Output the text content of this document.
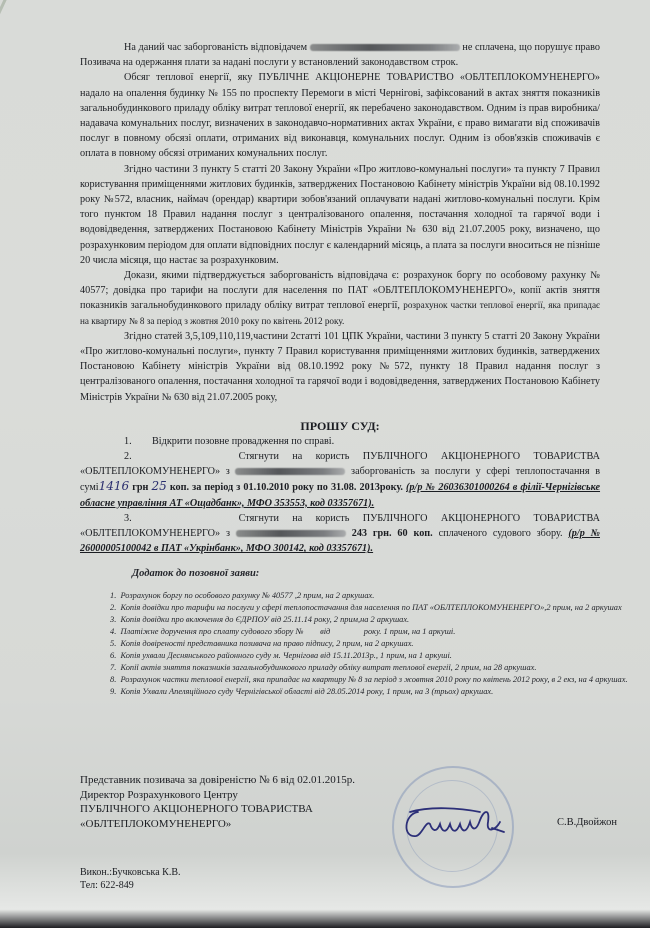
На даний час заборгованість відповідачем	не сплачена, що порушує право Позивача на одержання плати за надані послуги у встановлений законодавством строк.

Обсяг теплової енергії, яку ПУБЛІЧНЕ АКЦІОНЕРНЕ ТОВАРИСТВО «ОБЛТЕПЛОКОМУНЕНЕРГО» надало на опалення будинку № 155 по проспекту Перемоги в місті Чернігові, зафіксований в актах зняття показників загальнобудинкового приладу обліку витрат теплової енергії, як перебачено законодавством. Одним із прав виробника/надавача комунальних послуг, визначених в законодавчо-нормативних актах України, є право вимагати від споживачів послуг в повному обсязі оплати, отриманих від виконавця, комунальних послуг. Одним із обов'язків споживачів є оплата в повному обсязі отриманих комунальних послуг.

Згідно частини 3 пункту 5 статті 20 Закону України «Про житлово-комунальні послуги» та пункту 7 Правил користування приміщеннями житлових будинків, затверджених Постановою Кабінету міністрів України від 08.10.1992 року №572, власник, наймач (орендар) квартири зобов'язаний оплачувати надані житлово-комунальні послуги. Крім того пунктом 18 Правил надання послуг з централізованого опалення, постачання холодної та гарячої води і водовідведення, затверджених Постановою Кабінету Міністрів України № 630 від 21.07.2005 року, визначено, що розрахунковим періодом для оплати відповідних послуг є календарний місяць, а плата за послуги вноситься не пізніше 20 числа місяця, що настає за розрахунковим.

Докази, якими підтверджується заборгованість відповідача є: розрахунок боргу по особовому рахунку № 40577; довідка про тарифи на послуги для населення по ПАТ «ОБЛТЕПЛОКОМУНЕНЕРГО», копії актів зняття показників загальнобудинкового приладу обліку витрат теплової енергії, розрахунок частки теплової енергії, яка припадає на квартиру № 8 за період з жовтня 2010 року по квітень 2012 року.

Згідно статей 3,5,109,110,119,частини 2статті 101 ЦПК України, частини 3 пункту 5 статті 20 Закону України «Про житлово-комунальні послуги», пункту 7 Правил користування приміщеннями житлових будинків, затверджених Постановою Кабінету міністрів України від 08.10.1992 року №572, пункту 18 Правил надання послуг з централізованого опалення, постачання холодної та гарячої води і водовідведення, затверджених Постановою Кабінету Міністрів України № 630 від 21.07.2005 року,

ПРОШУ СУД:

1.        Відкрити позовне провадження по справі.

2.        Стягнути на користь ПУБЛІЧНОГО АКЦІОНЕРНОГО ТОВАРИСТВА «ОБЛТЕПЛОКОМУНЕНЕРГО» з	заборгованість за послуги у сфері теплопостачання в сумі1416 грн 25 коп. за період з 01.10.2010 року по 31.08. 2013року. (р/р № 26036301000264 в філії-Чернігівське обласне управління АТ «Ощадбанк», МФО 353553, код 03357671).

3.        Стягнути на користь ПУБЛІЧНОГО АКЦІОНЕРНОГО ТОВАРИСТВА «ОБЛТЕПЛОКОМУНЕНЕРГО» з	243 грн. 60 коп. сплаченого судового збору. (р/р № 26000005100042 в ПАТ «Укрінбанк», МФО 300142, код 03357671).

Додаток до позовної заяви:
1.  Розрахунок боргу по особового рахунку № 40577 ,2 прим, на 2 аркушах.
2.  Копія довідки про тарифи на послуги у сфері теплопостачання для населення по ПАТ «ОБЛТЕПЛОКОМУНЕНЕРГО»,2 прим, на 2 аркушах
3.  Копія довідки про включення до ЄДРПОУ від 25.11.14 року, 2 прим,на 2 аркушах.
4.  Платіжне доручення про сплату судового збору №        від                року. 1 прим, на 1 аркуші.
5.  Копія довіреності представника позивача на право підпису, 2 прим, на 2 аркушах.
6.  Копія ухвали Деснянського районного суду м. Чернігова від 15.11.2013р., 1 прим, на 1 аркуші.
7.  Копії актів зняття показників загальнобудинкового приладу обліку витрат теплової енергії, 2 прим, на 28 аркушах.
8.  Розрахунок частки теплової енергії, яка припадає на квартиру № 8 за період з жовтня 2010 року по квітень 2012 року, в 2 екз, на 4 аркушах.
9.  Копія Ухвали Апеляційного суду Чернігівської області від 28.05.2014 року, 1 прим, на 3 (трьох) аркушах.
Представник позивача за довіреністю № 6 від 02.01.2015р.
Директор Розрахункового Центру
ПУБЛІЧНОГО АКЦІОНЕРНОГО ТОВАРИСТВА
«ОБЛТЕПЛОКОМУНЕНЕРГО»	С.В.Двойжон
Викон.:Бучковська К.В.
Тел: 622-849
